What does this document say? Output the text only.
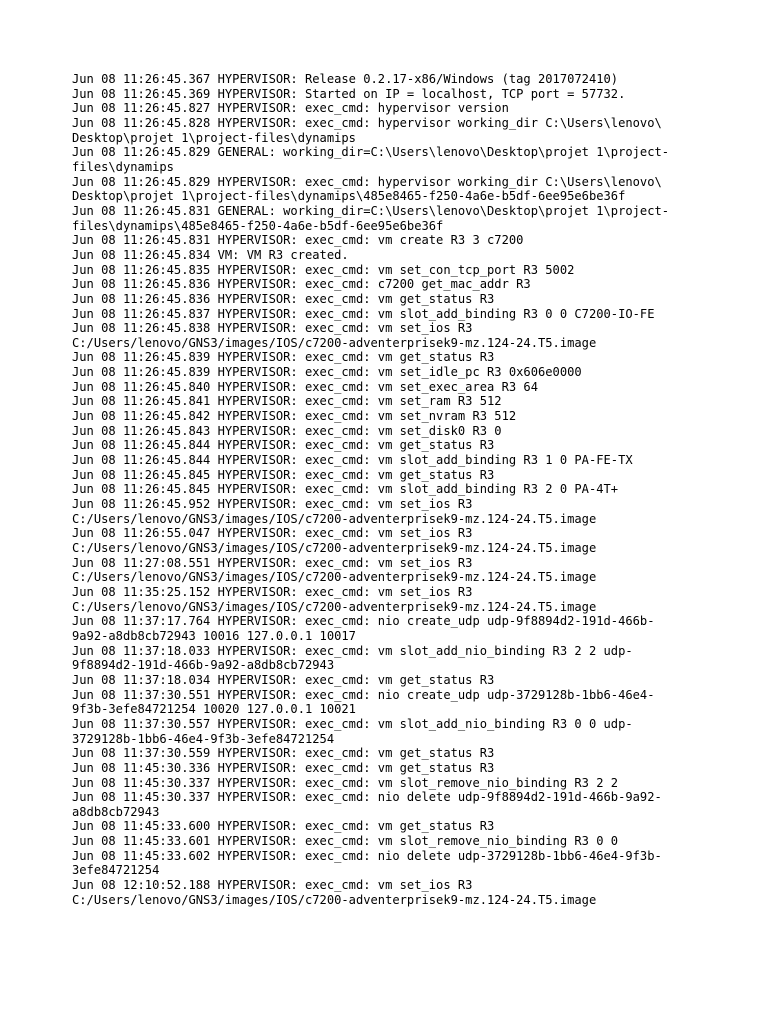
Jun 08 11:26:45.367 HYPERVISOR: Release 0.2.17-x86/Windows (tag 2017072410)
Jun 08 11:26:45.369 HYPERVISOR: Started on IP = localhost, TCP port = 57732.
Jun 08 11:26:45.827 HYPERVISOR: exec_cmd: hypervisor version
Jun 08 11:26:45.828 HYPERVISOR: exec_cmd: hypervisor working_dir C:\Users\lenovo\
Desktop\projet 1\project-files\dynamips
Jun 08 11:26:45.829 GENERAL: working_dir=C:\Users\lenovo\Desktop\projet 1\project-
files\dynamips
Jun 08 11:26:45.829 HYPERVISOR: exec_cmd: hypervisor working_dir C:\Users\lenovo\
Desktop\projet 1\project-files\dynamips\485e8465-f250-4a6e-b5df-6ee95e6be36f
Jun 08 11:26:45.831 GENERAL: working_dir=C:\Users\lenovo\Desktop\projet 1\project-
files\dynamips\485e8465-f250-4a6e-b5df-6ee95e6be36f
Jun 08 11:26:45.831 HYPERVISOR: exec_cmd: vm create R3 3 c7200
Jun 08 11:26:45.834 VM: VM R3 created.
Jun 08 11:26:45.835 HYPERVISOR: exec_cmd: vm set_con_tcp_port R3 5002
Jun 08 11:26:45.836 HYPERVISOR: exec_cmd: c7200 get_mac_addr R3
Jun 08 11:26:45.836 HYPERVISOR: exec_cmd: vm get_status R3
Jun 08 11:26:45.837 HYPERVISOR: exec_cmd: vm slot_add_binding R3 0 0 C7200-IO-FE
Jun 08 11:26:45.838 HYPERVISOR: exec_cmd: vm set_ios R3
C:/Users/lenovo/GNS3/images/IOS/c7200-adventerprisek9-mz.124-24.T5.image
Jun 08 11:26:45.839 HYPERVISOR: exec_cmd: vm get_status R3
Jun 08 11:26:45.839 HYPERVISOR: exec_cmd: vm set_idle_pc R3 0x606e0000
Jun 08 11:26:45.840 HYPERVISOR: exec_cmd: vm set_exec_area R3 64
Jun 08 11:26:45.841 HYPERVISOR: exec_cmd: vm set_ram R3 512
Jun 08 11:26:45.842 HYPERVISOR: exec_cmd: vm set_nvram R3 512
Jun 08 11:26:45.843 HYPERVISOR: exec_cmd: vm set_disk0 R3 0
Jun 08 11:26:45.844 HYPERVISOR: exec_cmd: vm get_status R3
Jun 08 11:26:45.844 HYPERVISOR: exec_cmd: vm slot_add_binding R3 1 0 PA-FE-TX
Jun 08 11:26:45.845 HYPERVISOR: exec_cmd: vm get_status R3
Jun 08 11:26:45.845 HYPERVISOR: exec_cmd: vm slot_add_binding R3 2 0 PA-4T+
Jun 08 11:26:45.952 HYPERVISOR: exec_cmd: vm set_ios R3
C:/Users/lenovo/GNS3/images/IOS/c7200-adventerprisek9-mz.124-24.T5.image
Jun 08 11:26:55.047 HYPERVISOR: exec_cmd: vm set_ios R3
C:/Users/lenovo/GNS3/images/IOS/c7200-adventerprisek9-mz.124-24.T5.image
Jun 08 11:27:08.551 HYPERVISOR: exec_cmd: vm set_ios R3
C:/Users/lenovo/GNS3/images/IOS/c7200-adventerprisek9-mz.124-24.T5.image
Jun 08 11:35:25.152 HYPERVISOR: exec_cmd: vm set_ios R3
C:/Users/lenovo/GNS3/images/IOS/c7200-adventerprisek9-mz.124-24.T5.image
Jun 08 11:37:17.764 HYPERVISOR: exec_cmd: nio create_udp udp-9f8894d2-191d-466b-
9a92-a8db8cb72943 10016 127.0.0.1 10017
Jun 08 11:37:18.033 HYPERVISOR: exec_cmd: vm slot_add_nio_binding R3 2 2 udp-
9f8894d2-191d-466b-9a92-a8db8cb72943
Jun 08 11:37:18.034 HYPERVISOR: exec_cmd: vm get_status R3
Jun 08 11:37:30.551 HYPERVISOR: exec_cmd: nio create_udp udp-3729128b-1bb6-46e4-
9f3b-3efe84721254 10020 127.0.0.1 10021
Jun 08 11:37:30.557 HYPERVISOR: exec_cmd: vm slot_add_nio_binding R3 0 0 udp-
3729128b-1bb6-46e4-9f3b-3efe84721254
Jun 08 11:37:30.559 HYPERVISOR: exec_cmd: vm get_status R3
Jun 08 11:45:30.336 HYPERVISOR: exec_cmd: vm get_status R3
Jun 08 11:45:30.337 HYPERVISOR: exec_cmd: vm slot_remove_nio_binding R3 2 2
Jun 08 11:45:30.337 HYPERVISOR: exec_cmd: nio delete udp-9f8894d2-191d-466b-9a92-
a8db8cb72943
Jun 08 11:45:33.600 HYPERVISOR: exec_cmd: vm get_status R3
Jun 08 11:45:33.601 HYPERVISOR: exec_cmd: vm slot_remove_nio_binding R3 0 0
Jun 08 11:45:33.602 HYPERVISOR: exec_cmd: nio delete udp-3729128b-1bb6-46e4-9f3b-
3efe84721254
Jun 08 12:10:52.188 HYPERVISOR: exec_cmd: vm set_ios R3
C:/Users/lenovo/GNS3/images/IOS/c7200-adventerprisek9-mz.124-24.T5.image
